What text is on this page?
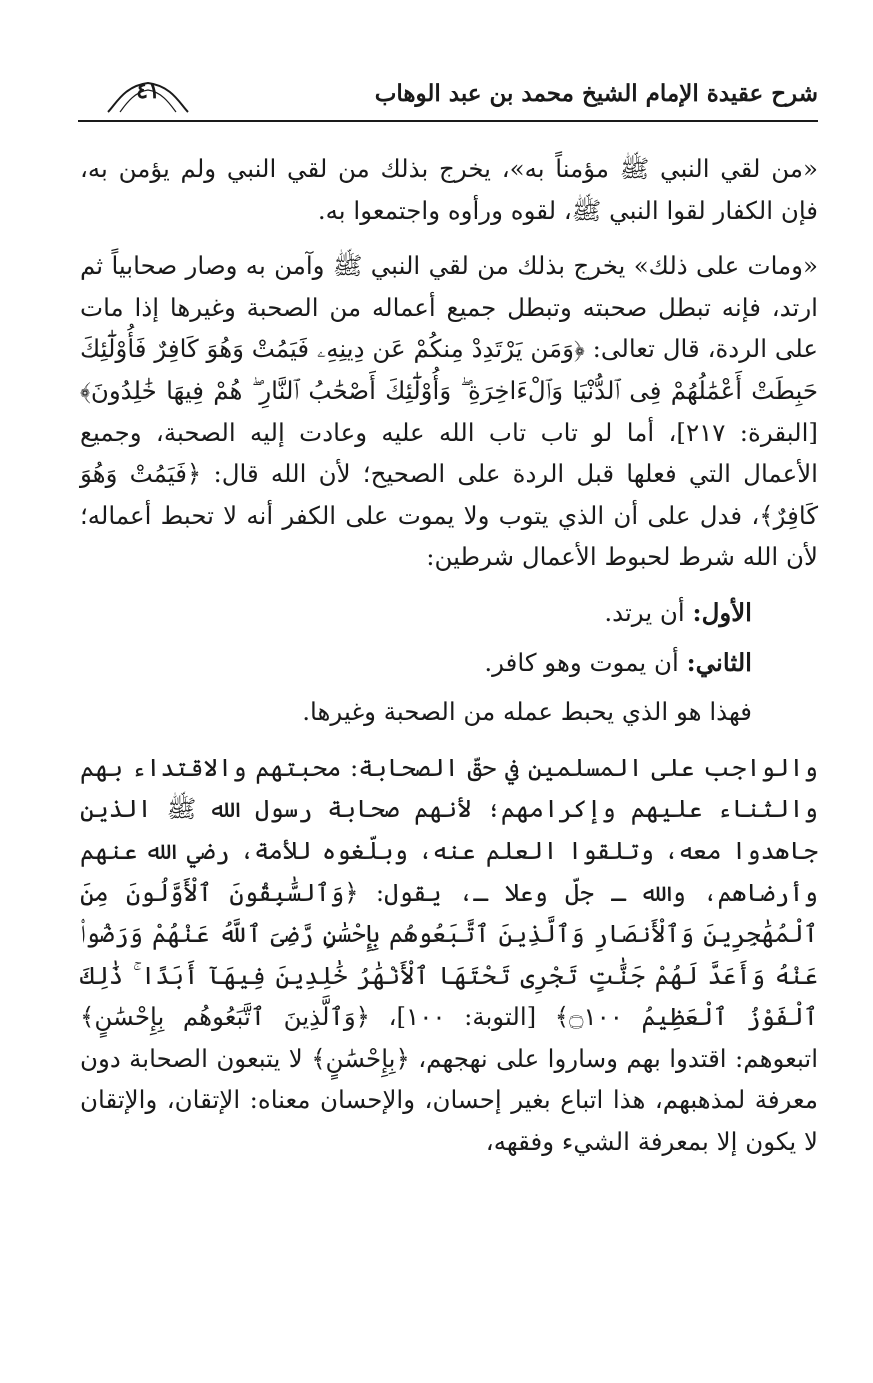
شرح عقيدة الإمام الشيخ محمد بن عبد الوهاب
٤١

«من لقي النبي ﷺ مؤمناً به»، يخرج بذلك من لقي النبي ولم يؤمن به، فإن الكفار لقوا النبي ﷺ، لقوه ورأوه واجتمعوا به.

«ومات على ذلك» يخرج بذلك من لقي النبي ﷺ وآمن به وصار صحابياً ثم ارتد، فإنه تبطل صحبته وتبطل جميع أعماله من الصحبة وغيرها إذا مات على الردة، قال تعالى: ﴿وَمَن يَرْتَدِدْ مِنكُمْ عَن دِينِهِۦ فَيَمُتْ وَهُوَ كَافِرٌ فَأُوْلَٰٓئِكَ حَبِطَتْ أَعْمَٰلُهُمْ فِى ٱلدُّنْيَا وَٱلْءَاخِرَةِ ۖ وَأُوْلَٰٓئِكَ أَصْحَٰبُ ٱلنَّارِ ۖ هُمْ فِيهَا خَٰلِدُونَ﴾ [البقرة: ٢١٧]، أما لو تاب تاب الله عليه وعادت إليه الصحبة، وجميع الأعمال التي فعلها قبل الردة على الصحيح؛ لأن الله قال: ﴿فَيَمُتْ وَهُوَ كَافِرٌ﴾، فدل على أن الذي يتوب ولا يموت على الكفر أنه لا تحبط أعماله؛ لأن الله شرط لحبوط الأعمال شرطين:

الأول: أن يرتد.

الثاني: أن يموت وهو كافر.

فهذا هو الذي يحبط عمله من الصحبة وغيرها.

والواجب على المسلمين في حقّ الصحابة: محبتهم والاقتداء بهم والثناء عليهم وإكرامهم؛ لأنهم صحابة رسول الله ﷺ الذين جاهدوا معه، وتلقوا العلم عنه، وبلّغوه للأمة، رضي الله عنهم وأرضاهم، والله ـ جلّ وعلا ـ، يقول: ﴿وَٱلسَّٰبِقُونَ ٱلْأَوَّلُونَ مِنَ ٱلْمُهَٰجِرِينَ وَٱلْأَنصَارِ وَٱلَّذِينَ ٱتَّبَعُوهُم بِإِحْسَٰنٍ رَّضِىَ ٱللَّهُ عَنْهُمْ وَرَضُوا۟ عَنْهُ وَأَعَدَّ لَهُمْ جَنَّٰتٍ تَجْرِى تَحْتَهَا ٱلْأَنْهَٰرُ خَٰلِدِينَ فِيهَآ أَبَدًا ۚ ذَٰلِكَ ٱلْفَوْزُ ٱلْعَظِيمُ ۝١٠٠﴾ [التوبة: ١٠٠]، ﴿وَٱلَّذِينَ ٱتَّبَعُوهُم بِإِحْسَٰنٍ﴾ اتبعوهم: اقتدوا بهم وساروا على نهجهم، ﴿بِإِحْسَٰنٍ﴾ لا يتبعون الصحابة دون معرفة لمذهبهم، هذا اتباع بغير إحسان، والإحسان معناه: الإتقان، والإتقان لا يكون إلا بمعرفة الشيء وفقهه،
